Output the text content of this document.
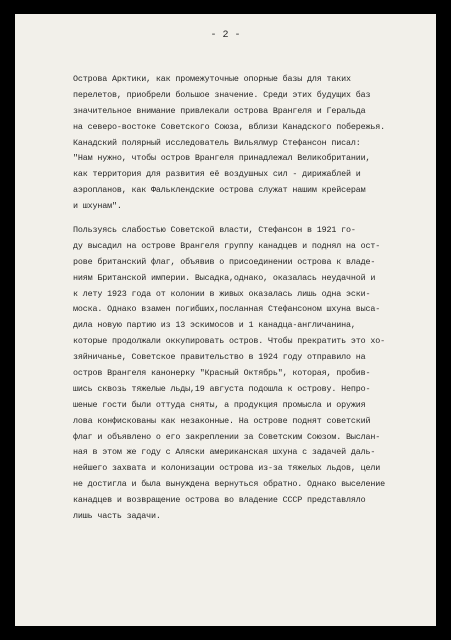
- 2 -
Острова Арктики, как промежуточные опорные базы для таких
перелетов, приобрели большое значение. Среди этих будущих баз
значительное внимание привлекали острова Врангеля и Геральда
на северо-востоке Советского Союза, вблизи Канадского побережья.
Канадский полярный исследователь Вильялмур Стефансон писал:
"Нам нужно, чтобы остров Врангеля принадлежал Великобритании,
как территория для развития её воздушных сил - дирижаблей и
аэропланов, как Фальклендские острова служат нашим крейсерам
и шхунам".
Пользуясь слабостью Советской власти, Стефансон в 1921 го-
ду высадил на острове Врангеля группу канадцев и поднял на ост-
рове британский флаг, объявив о присоединении острова к владе-
ниям Британской империи. Высадка,однако, оказалась неудачной и
к лету 1923 года от колонии в живых оказалась лишь одна эски-
моска. Однако взамен погибших,посланная Стефансоном шхуна выса-
дила новую партию из 13 эскимосов и 1 канадца-англичанина,
которые продолжали оккупировать остров. Чтобы прекратить это хо-
зяйничанье, Советское правительство в 1924 году отправило на
остров Врангеля канонерку "Красный Октябрь", которая, пробив-
шись сквозь тяжелые льды,19 августа подошла к острову. Непро-
шеные гости были оттуда сняты, а продукция промысла и оружия
лова конфискованы как незаконные. На острове поднят советский
флаг и объявлено о его закреплении за Советским Союзом. Выслан-
ная в этом же году с Аляски американская шхуна с задачей даль-
нейшего захвата и колонизации острова из-за тяжелых льдов, цели
не достигла и была вынуждена вернуться обратно. Однако выселение
канадцев и возвращение острова во владение СССР представляло
лишь часть задачи.
